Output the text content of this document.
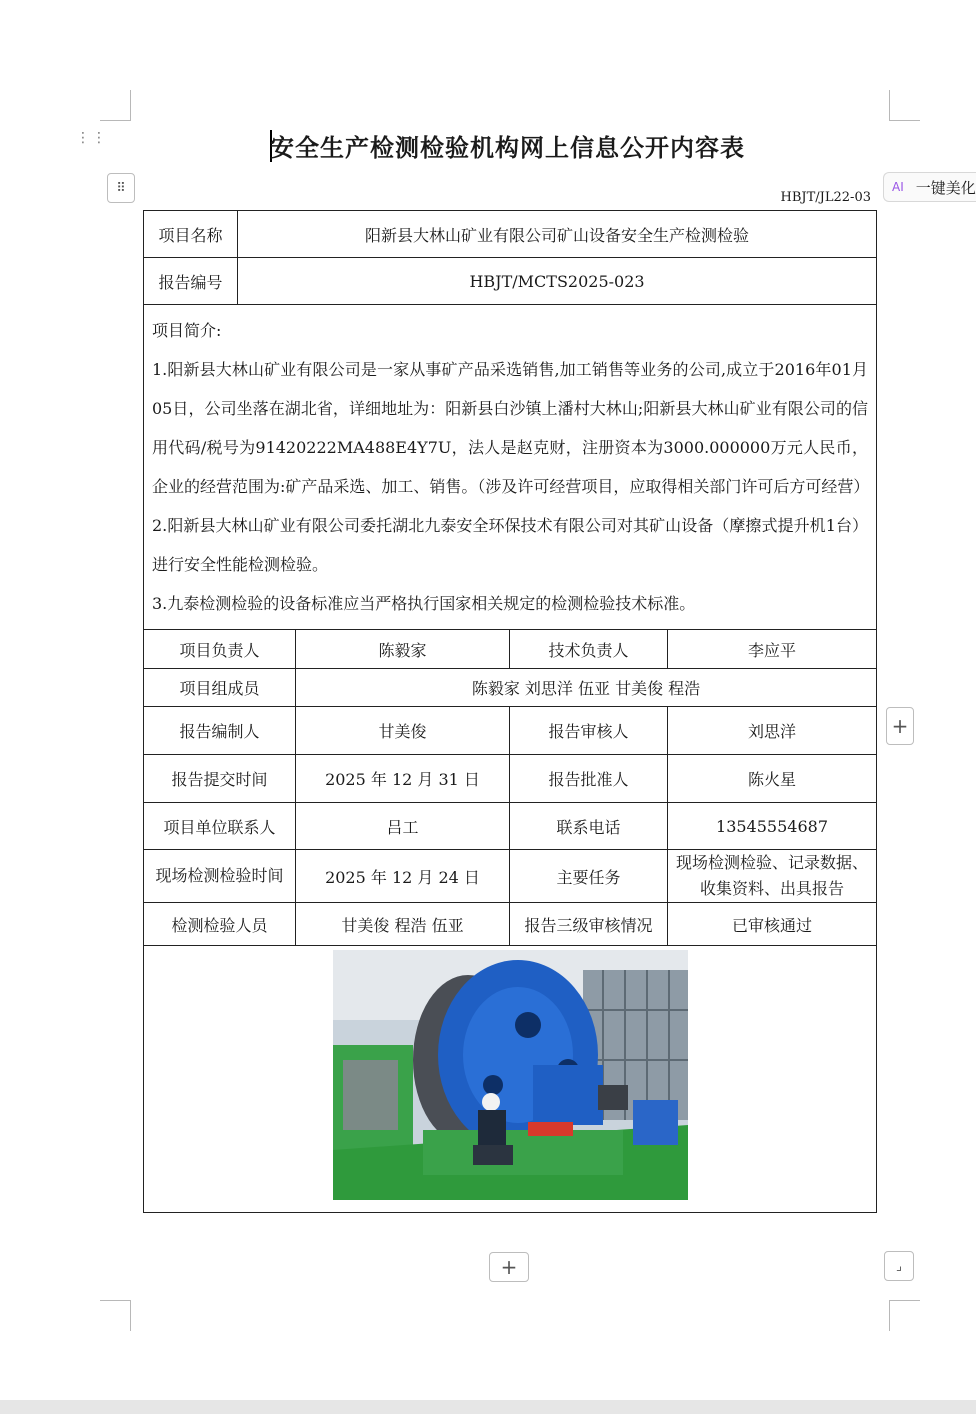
⋮⋮
⠿
安全生产检测检验机构网上信息公开内容表
HBJT/JL22-03
AI 一键美化
项目名称	阳新县大林山矿业有限公司矿山设备安全生产检测检验			
报告编号	HBJT/MCTS2025-023			

项目简介:

1.阳新县大林山矿业有限公司是一家从事矿产品采选销售,加工销售等业务的公司,成立于2016年01月05日，公司坐落在湖北省，详细地址为：阳新县白沙镇上潘村大林山;阳新县大林山矿业有限公司的信用代码/税号为91420222MA488E4Y7U，法人是赵克财，注册资本为3000.000000万元人民币，企业的经营范围为:矿产品采选、加工、销售。（涉及许可经营项目，应取得相关部门许可后方可经营）

2.阳新县大林山矿业有限公司委托湖北九泰安全环保技术有限公司对其矿山设备（摩擦式提升机1台）进行安全性能检测检验。

3.九泰检测检验的设备标准应当严格执行国家相关规定的检测检验技术标准。				

项目负责人		陈毅家	技术负责人	李应平
项目组成员		陈毅家 刘思洋 伍亚 甘美俊 程浩		
报告编制人		甘美俊	报告审核人	刘思洋
报告提交时间		2025 年 12 月 31 日	报告批准人	陈火星
项目单位联系人		吕工	联系电话	13545554687
现场检测检验时间		2025 年 12 月 24 日	主要任务	现场检测检验、记录数据、收集资料、出具报告
检测检验人员		甘美俊 程浩 伍亚	报告三级审核情况	已审核通过

+
+	⌟
